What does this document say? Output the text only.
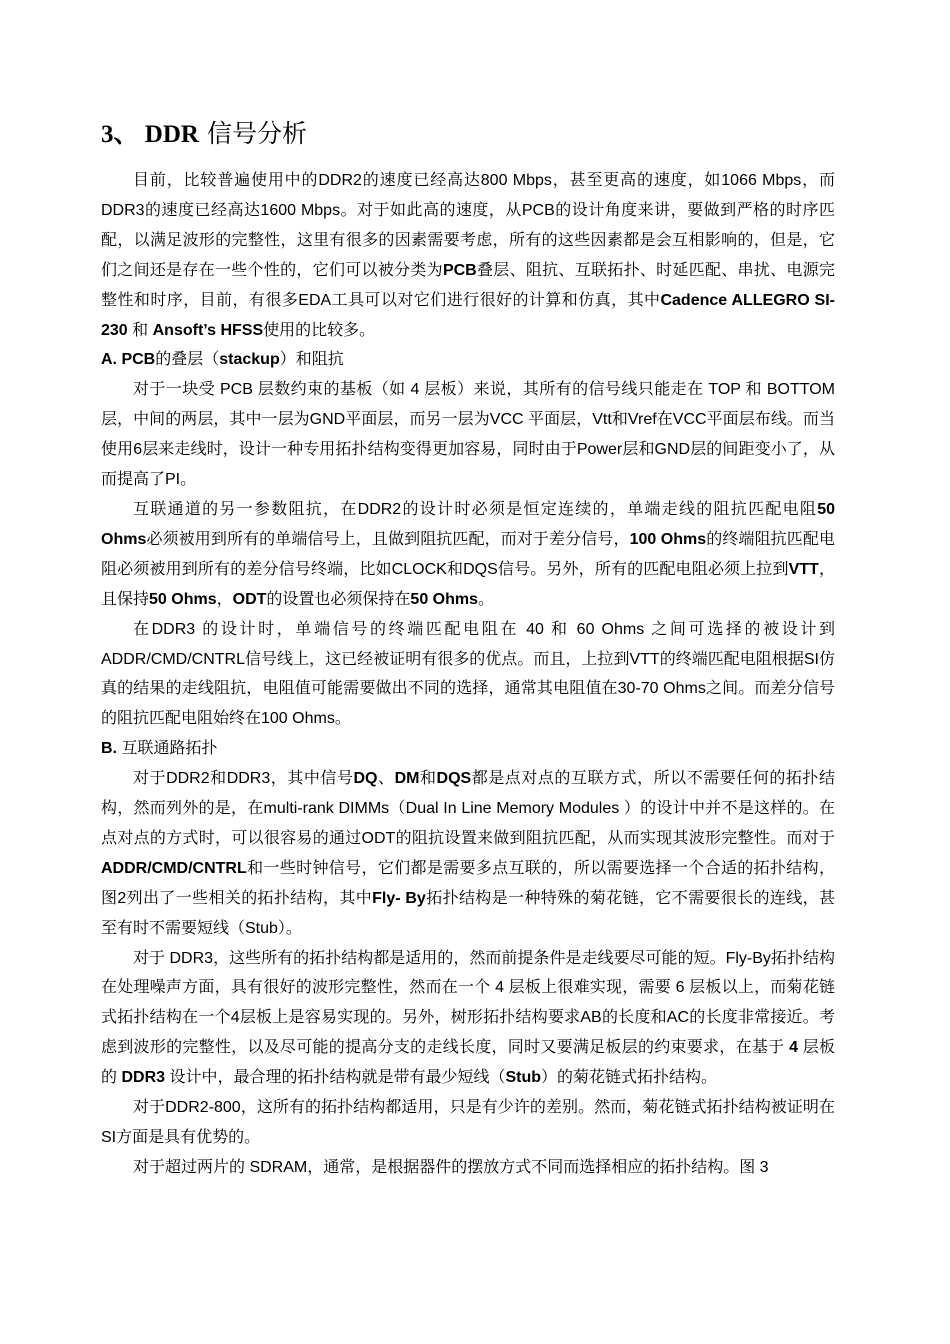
3、 DDR 信号分析

目前，比较普遍使用中的DDR2的速度已经高达800 Mbps，甚至更高的速度，如1066 Mbps，而DDR3的速度已经高达1600 Mbps。对于如此高的速度，从PCB的设计角度来讲，要做到严格的时序匹配，以满足波形的完整性，这里有很多的因素需要考虑，所有的这些因素都是会互相影响的，但是，它们之间还是存在一些个性的，它们可以被分类为PCB叠层、阻抗、互联拓扑、时延匹配、串扰、电源完整性和时序，目前，有很多EDA工具可以对它们进行很好的计算和仿真，其中Cadence ALLEGRO SI-230 和 Ansoft’s HFSS使用的比较多。

A. PCB的叠层（stackup）和阻抗

对于一块受 PCB 层数约束的基板（如 4 层板）来说，其所有的信号线只能走在 TOP 和 BOTTOM层，中间的两层，其中一层为GND平面层，而另一层为VCC 平面层，Vtt和Vref在VCC平面层布线。而当使用6层来走线时，设计一种专用拓扑结构变得更加容易，同时由于Power层和GND层的间距变小了，从而提高了PI。

互联通道的另一参数阻抗，在DDR2的设计时必须是恒定连续的，单端走线的阻抗匹配电阻50 Ohms必须被用到所有的单端信号上，且做到阻抗匹配，而对于差分信号，100 Ohms的终端阻抗匹配电阻必须被用到所有的差分信号终端，比如CLOCK和DQS信号。另外，所有的匹配电阻必须上拉到VTT，且保持50 Ohms，ODT的设置也必须保持在50 Ohms。

在DDR3 的设计时，单端信号的终端匹配电阻在 40 和 60 Ohms 之间可选择的被设计到ADDR/CMD/CNTRL信号线上，这已经被证明有很多的优点。而且，上拉到VTT的终端匹配电阻根据SI仿真的结果的走线阻抗，电阻值可能需要做出不同的选择，通常其电阻值在30-70 Ohms之间。而差分信号的阻抗匹配电阻始终在100 Ohms。

B. 互联通路拓扑

对于DDR2和DDR3，其中信号DQ、DM和DQS都是点对点的互联方式，所以不需要任何的拓扑结构，然而列外的是，在multi-rank DIMMs（Dual In Line Memory Modules ）的设计中并不是这样的。在点对点的方式时，可以很容易的通过ODT的阻抗设置来做到阻抗匹配，从而实现其波形完整性。而对于 ADDR/CMD/CNTRL和一些时钟信号，它们都是需要多点互联的，所以需要选择一个合适的拓扑结构，图2列出了一些相关的拓扑结构，其中Fly- By拓扑结构是一种特殊的菊花链，它不需要很长的连线，甚至有时不需要短线（Stub）。

对于 DDR3，这些所有的拓扑结构都是适用的，然而前提条件是走线要尽可能的短。Fly-By拓扑结构在处理噪声方面，具有很好的波形完整性，然而在一个 4 层板上很难实现，需要 6 层板以上，而菊花链式拓扑结构在一个4层板上是容易实现的。另外，树形拓扑结构要求AB的长度和AC的长度非常接近。考虑到波形的完整性，以及尽可能的提高分支的走线长度，同时又要满足板层的约束要求，在基于 4 层板的 DDR3 设计中，最合理的拓扑结构就是带有最少短线（Stub）的菊花链式拓扑结构。

对于DDR2-800，这所有的拓扑结构都适用，只是有少许的差别。然而，菊花链式拓扑结构被证明在SI方面是具有优势的。

对于超过两片的 SDRAM，通常，是根据器件的摆放方式不同而选择相应的拓扑结构。图 3
